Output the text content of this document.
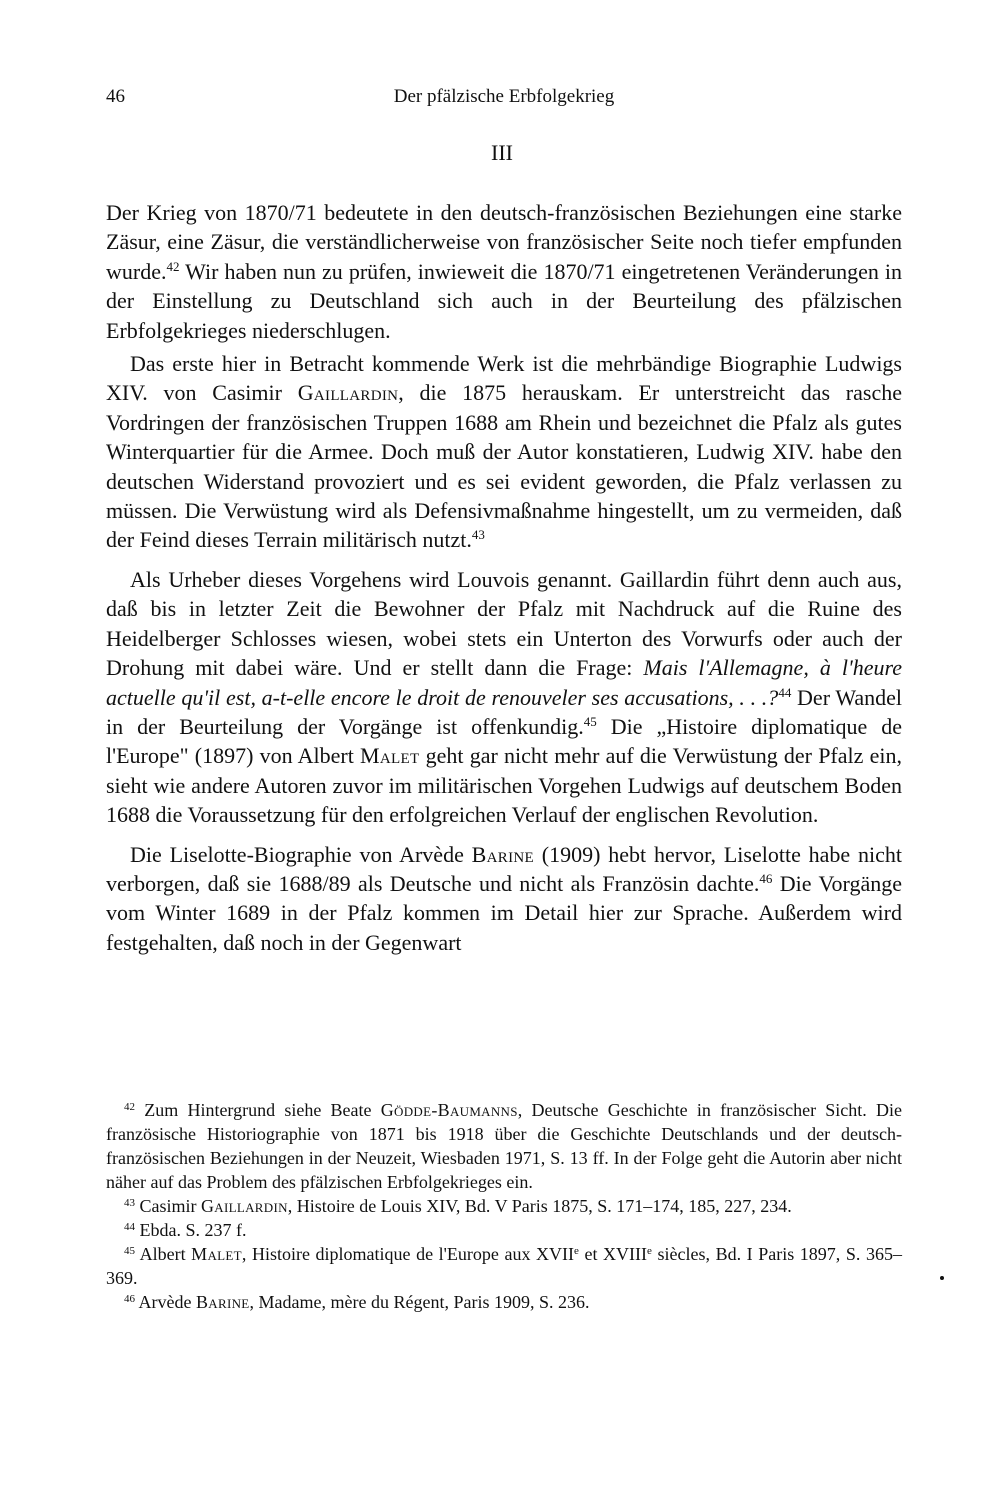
46	Der pfälzische Erbfolgekrieg
III

Der Krieg von 1870/71 bedeutete in den deutsch-französischen Beziehungen eine starke Zäsur, eine Zäsur, die verständlicherweise von französischer Seite noch tiefer empfunden wurde.$^{42}$ Wir haben nun zu prüfen, inwieweit die 1870/71 eingetretenen Veränderungen in der Einstellung zu Deutschland sich auch in der Beurteilung des pfälzischen Erbfolgekrieges niederschlugen.

Das erste hier in Betracht kommende Werk ist die mehrbändige Biographie Ludwigs XIV. von Casimir Gaillardin, die 1875 herauskam. Er unterstreicht das rasche Vordringen der französischen Truppen 1688 am Rhein und bezeichnet die Pfalz als gutes Winterquartier für die Armee. Doch muß der Autor konstatieren, Ludwig XIV. habe den deutschen Widerstand provoziert und es sei evident geworden, die Pfalz verlassen zu müssen. Die Verwüstung wird als Defensivmaßnahme hingestellt, um zu vermeiden, daß der Feind dieses Terrain militärisch nutzt.$^{43}$

Als Urheber dieses Vorgehens wird Louvois genannt. Gaillardin führt denn auch aus, daß bis in letzter Zeit die Bewohner der Pfalz mit Nachdruck auf die Ruine des Heidelberger Schlosses wiesen, wobei stets ein Unterton des Vorwurfs oder auch der Drohung mit dabei wäre. Und er stellt dann die Frage: Mais l'Allemagne, à l'heure actuelle qu'il est, a-t-elle encore le droit de renouveler ses accusations, . . .?$^{44}$ Der Wandel in der Beurteilung der Vorgänge ist offenkundig.$^{45}$ Die „Histoire diplomatique de l'Europe" (1897) von Albert Malet geht gar nicht mehr auf die Verwüstung der Pfalz ein, sieht wie andere Autoren zuvor im militärischen Vorgehen Ludwigs auf deutschem Boden 1688 die Voraussetzung für den erfolgreichen Verlauf der englischen Revolution.

Die Liselotte-Biographie von Arvède Barine (1909) hebt hervor, Liselotte habe nicht verborgen, daß sie 1688/89 als Deutsche und nicht als Französin dachte.$^{46}$ Die Vorgänge vom Winter 1689 in der Pfalz kommen im Detail hier zur Sprache. Außerdem wird festgehalten, daß noch in der Gegenwart

$^{42}$ Zum Hintergrund siehe Beate Gödde-Baumanns, Deutsche Geschichte in französischer Sicht. Die französische Historiographie von 1871 bis 1918 über die Geschichte Deutschlands und der deutsch-französischen Beziehungen in der Neuzeit, Wiesbaden 1971, S. 13 ff. In der Folge geht die Autorin aber nicht näher auf das Problem des pfälzischen Erbfolgekrieges ein.

$^{43}$ Casimir Gaillardin, Histoire de Louis XIV, Bd. V Paris 1875, S. 171–174, 185, 227, 234.

$^{44}$ Ebda. S. 237 f.

$^{45}$ Albert Malet, Histoire diplomatique de l'Europe aux XVIIe et XVIIIe siècles, Bd. I Paris 1897, S. 365–369.

$^{46}$ Arvède Barine, Madame, mère du Régent, Paris 1909, S. 236.
